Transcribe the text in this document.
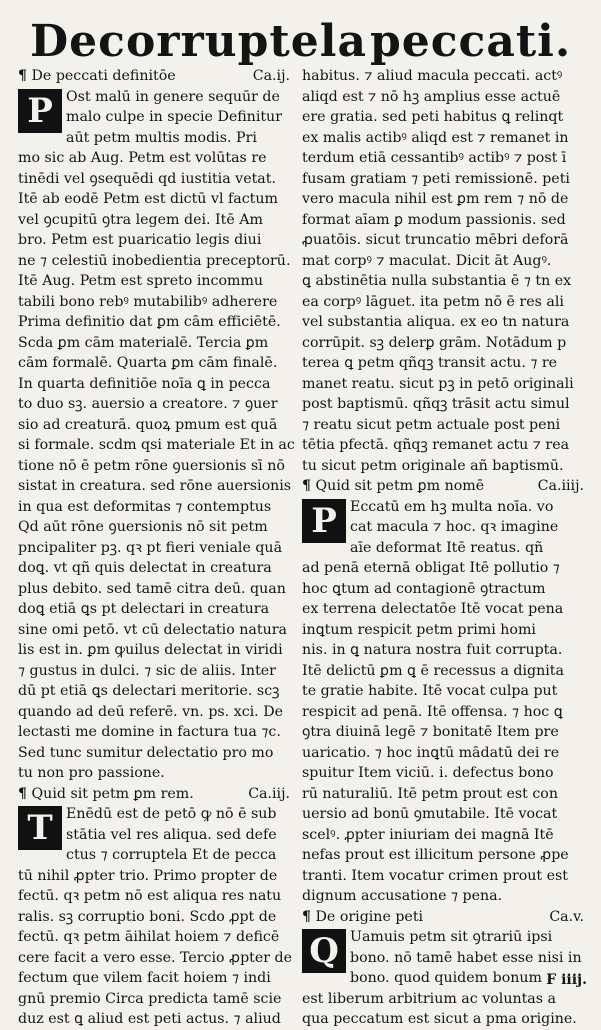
Decorruptela peccati.
¶ De peccati definitōe	Ca.ij.
P Ost malū in genere sequūr de
malo culpe in specie Definitur
aūt petm multis modis. Pri
mo sic ab Aug. Petm est volūtas re
tinēdi vel ꝯsequēdi qd iustitia vetat.
Itē ab eodē Petm est dictū vl factum
vel ꝯcupitū ꝯtra legem dei. Itē Am
bro. Petm est puaricatio legis diui
ne ⁊ celestiū inobedientia preceptorū.
Itē Aug. Petm est spreto incommu
tabili bono rebꝰ mutabilibꝰ adherere
Prima definitio dat ꝑm cām efficiētē.
Scda ꝑm cām materialē. Tercia ꝑm
cām formalē. Quarta ꝑm cām finalē.
In quarta definitiōe noīa ꝗ in pecca
to duo sꝫ. auersio a creatore. ⁊ ꝯuer
sio ad creaturā. quoꝝ pmum est quā
si formale. scdm qsi materiale Et in ac
tione nō ē petm rōne ꝯuersionis sī nō
sistat in creatura. sed rōne auersionis
in qua est deformitas ⁊ contemptus
Qd aūt rōne ꝯuersionis nō sit petm
pncipaliter pꝫ. qꝛ pt fieri veniale quā
doꝗ. vt qñ quis delectat in creatura
plus debito. sed tamē citra deū. quan
doꝗ etiā ꝗs pt delectari in creatura
sine omi petō. vt cū delectatio natura
lis est in. ꝑm ꝙuilus delectat in viridi
⁊ gustus in dulci. ⁊ sic de aliis. Inter
dū pt etiā ꝗs delectari meritorie. scꝫ
quando ad deū referē. vn. ps. xci. De
lectasti me domine in factura tua ⁊c.
Sed tunc sumitur delectatio pro mo
tu non pro passione.
¶ Quid sit petm ꝑm rem.	Ca.iij.
T Enēdū est de petō ꝙ nō ē sub
stātia vel res aliqua. sed defe
ctus ⁊ corruptela Et de pecca
tū nihil ꝓpter trio. Primo propter de
fectū. qꝛ petm nō est aliqua res natu
ralis. sꝫ corruptio boni. Scdo ꝓpt de
fectū. qꝛ petm āihilat hoiem ⁊ deficē
cere facit a vero esse. Tercio ꝓpter de
fectum que vilem facit hoiem ⁊ indi
gnū premio Circa predicta tamē scie
duz est ꝗ aliud est peti actus. ⁊ aliud
habitus. ⁊ aliud macula peccati. actꝰ
aliqd est ⁊ nō hꝫ amplius esse actuē
ere gratia. sed peti habitus ꝗ relinqt
ex malis actibꝰ aliqd est ⁊ remanet in
terdum etiā cessantibꝰ actibꝰ ⁊ post ī
fusam gratiam ⁊ peti remissionē. peti
vero macula nihil est ꝑm rem ⁊ nō de
format aīam ꝑ modum passionis. sed
ꝓuatōis. sicut truncatio mēbri deforā
mat corpꝰ ⁊ maculat. Dicit āt Augꝰ.
ꝗ abstinētia nulla substantia ē ⁊ tn ex
ea corpꝰ lāguet. ita petm nō ē res ali
vel substantia aliqua. ex eo tn natura
corrūpit. sꝫ delerꝑ grām. Notādum p
terea ꝗ petm qñqꝫ transit actu. ⁊ re
manet reatu. sicut pꝫ in petō originali
post baptismū. qñqꝫ trāsit actu simul
⁊ reatu sicut petm actuale post peni
tētia pfectā. qñqꝫ remanet actu ⁊ rea
tu sicut petm originale añ baptismū.
¶ Quid sit petm ꝑm nomē	Ca.iiij.
P Eccatū em hꝫ multa noīa. vo
cat macula ⁊ hoc. qꝛ imagine
aīe deformat Itē reatus. qñ
ad penā eternā obligat Itē pollutio ⁊
hoc ꝗtum ad contagionē ꝯtractum
ex terrena delectatōe Itē vocat pena
inꝗtum respicit petm primi homi
nis. in ꝗ natura nostra fuit corrupta.
Itē delictū ꝑm ꝗ ē recessus a dignita
te gratie habite. Itē vocat culpa put
respicit ad penā. Itē offensa. ⁊ hoc ꝗ
ꝯtra diuinā legē ⁊ bonitatē Item pre
uaricatio. ⁊ hoc inꝗtū mādatū dei re
spuitur Item viciū. i. defectus bono
rū naturaliū. Itē petm prout est con
uersio ad bonū ꝯmutabile. Itē vocat
scelꝰ. ꝓpter iniuriam dei magnā Itē
nefas prout est illicitum persone ꝓpe
tranti. Item vocatur crimen prout est
dignum accusatione ⁊ pena.
¶ De origine peti	Ca.v.
Q Uamuis petm sit ꝯtrariū ipsi
bono. nō tamē habet esse nisi in
bono. quod quidem bonum
est liberum arbitrium ac voluntas a
qua peccatum est sicut a pma origine.
F iiij.
